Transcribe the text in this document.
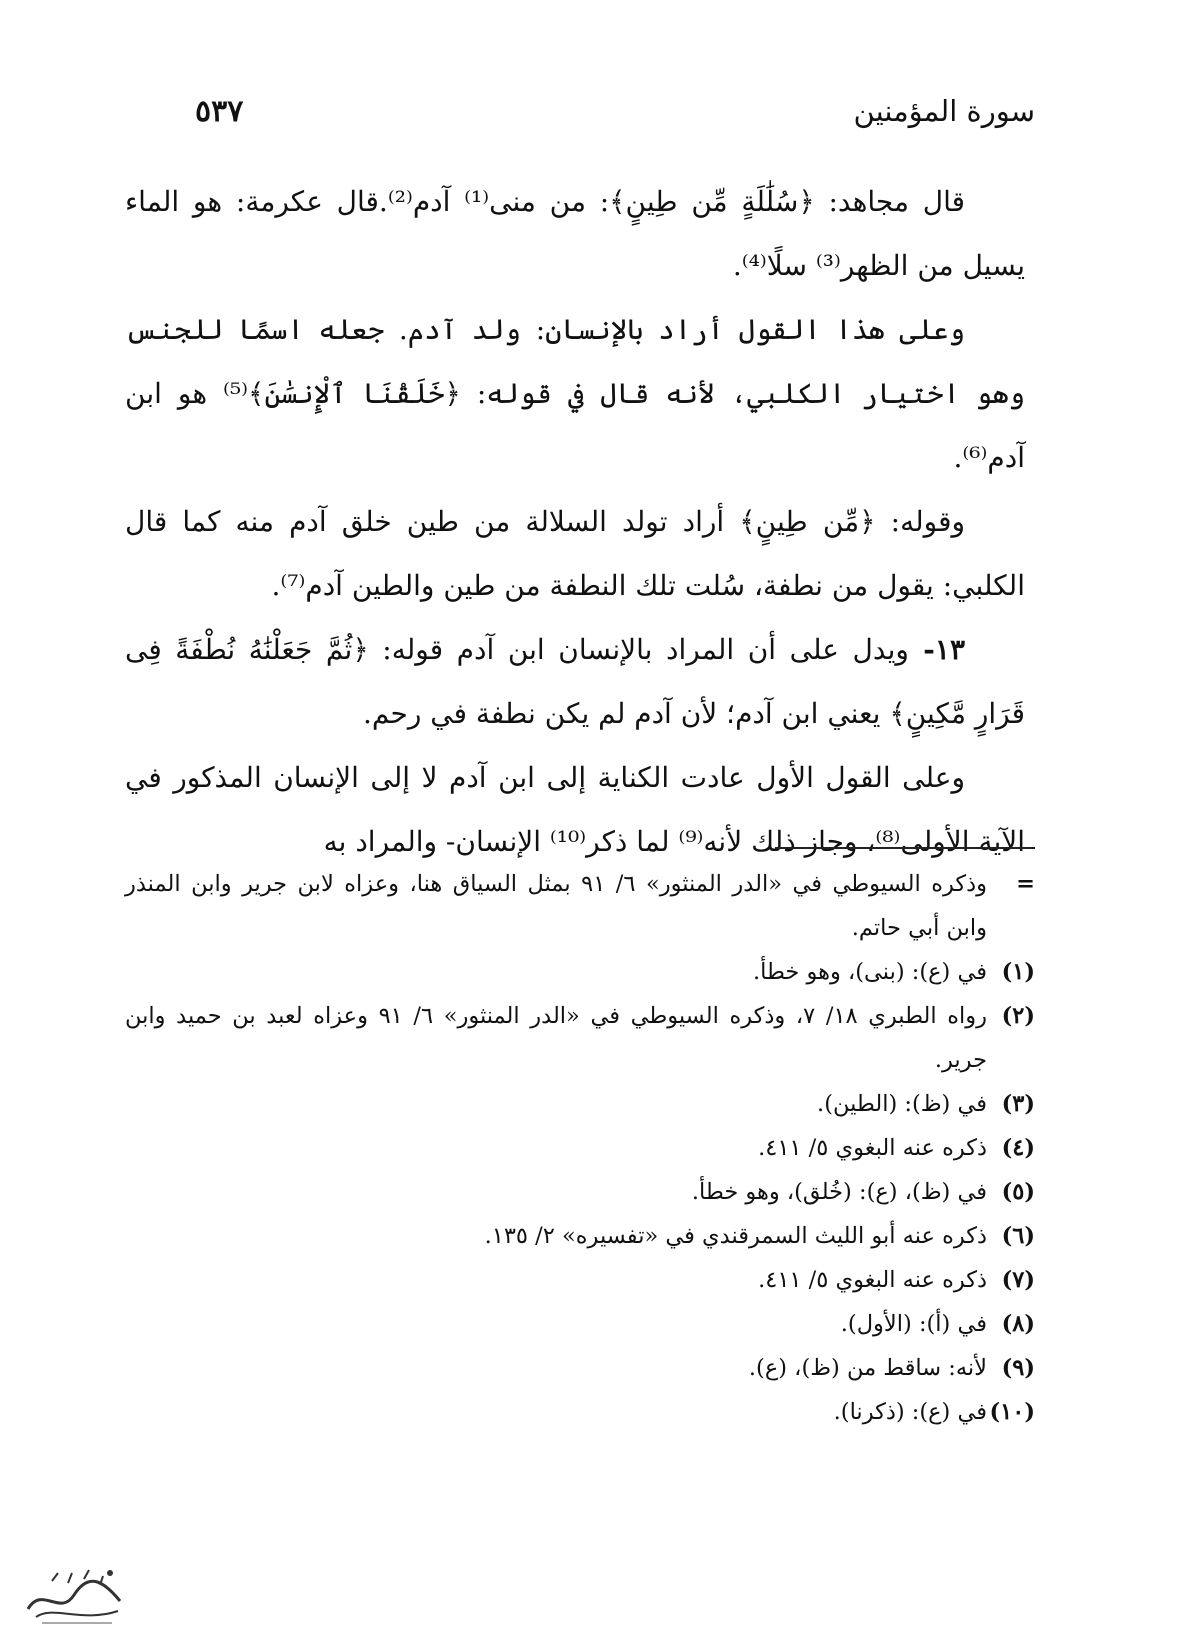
سورة المؤمنين
٥٣٧

قال مجاهد: ﴿سُلَٰلَةٍ مِّن طِينٍ﴾: من منى⁽¹⁾ آدم⁽²⁾.قال عكرمة: هو الماء يسيل من الظهر⁽³⁾ سلًا⁽⁴⁾.

وعلى هذا القول أراد بالإنسان: ولد آدم. جعله اسمًا للجنس وهو اختيار الكلبي، لأنه قال في قوله: ﴿خَلَقْنَا ٱلْإِنسَٰنَ﴾⁽⁵⁾ هو ابن آدم⁽⁶⁾.

وقوله: ﴿مِّن طِينٍ﴾ أراد تولد السلالة من طين خلق آدم منه كما قال الكلبي: يقول من نطفة، سُلت تلك النطفة من طين والطين آدم⁽⁷⁾.

١٣- ويدل على أن المراد بالإنسان ابن آدم قوله: ﴿ثُمَّ جَعَلْنَٰهُ نُطْفَةً فِى قَرَارٍ مَّكِينٍ﴾ يعني ابن آدم؛ لأن آدم لم يكن نطفة في رحم.

وعلى القول الأول عادت الكناية إلى ابن آدم لا إلى الإنسان المذكور في الآية الأولى⁽⁸⁾، وجاز ذلك لأنه⁽⁹⁾ لما ذكر⁽¹⁰⁾ الإنسان- والمراد به

=
وذكره السيوطي في «الدر المنثور» ٦/ ٩١ بمثل السياق هنا، وعزاه لابن جرير وابن المنذر وابن أبي حاتم.
(١)
في (ع): (بنى)، وهو خطأ.
(٢)
رواه الطبري ١٨/ ٧، وذكره السيوطي في «الدر المنثور» ٦/ ٩١ وعزاه لعبد بن حميد وابن جرير.
(٣)
في (ظ): (الطين).
(٤)
ذكره عنه البغوي ٥/ ٤١١.
(٥)
في (ظ)، (ع): (خُلق)، وهو خطأ.
(٦)
ذكره عنه أبو الليث السمرقندي في «تفسيره» ٢/ ١٣٥.
(٧)
ذكره عنه البغوي ٥/ ٤١١.
(٨)
في (أ): (الأول).
(٩)
لأنه: ساقط من (ظ)، (ع).
(١٠)
في (ع): (ذكرنا).
